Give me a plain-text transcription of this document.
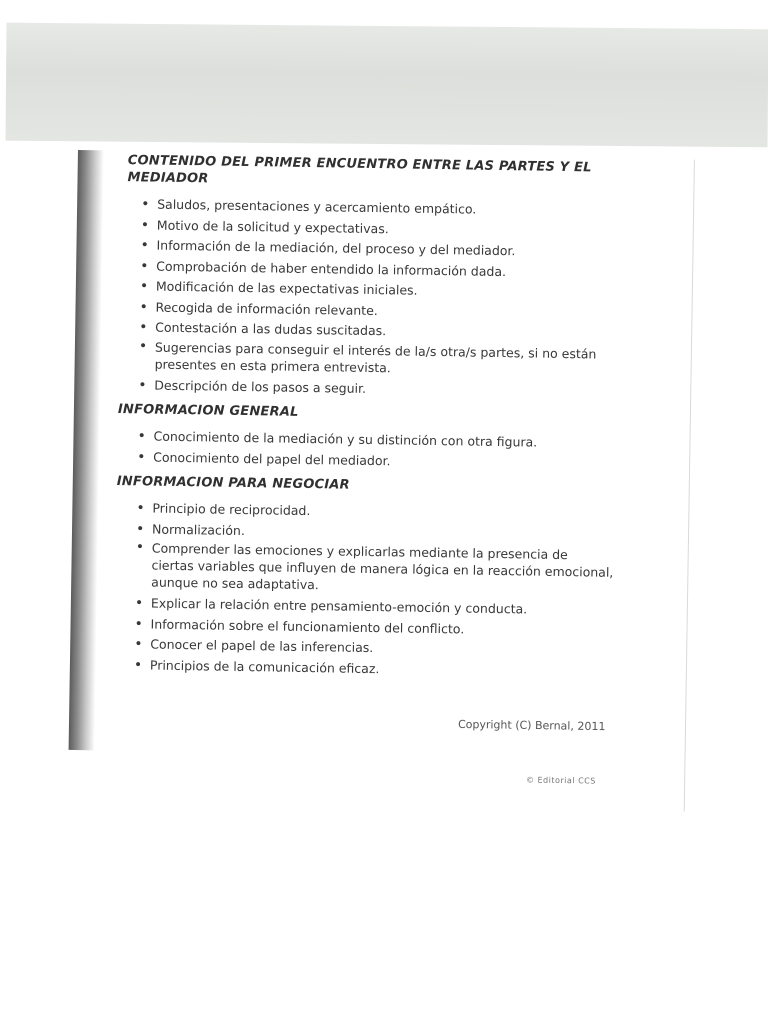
CONTENIDO DEL PRIMER ENCUENTRO ENTRE LAS PARTES Y EL MEDIADOR
• Saludos, presentaciones y acercamiento empático.
• Motivo de la solicitud y expectativas.
• Información de la mediación, del proceso y del mediador.
• Comprobación de haber entendido la información dada.
• Modificación de las expectativas iniciales.
• Recogida de información relevante.
• Contestación a las dudas suscitadas.
• Sugerencias para conseguir el interés de la/s otra/s partes, si no están presentes en esta primera entrevista.
• Descripción de los pasos a seguir.
INFORMACION GENERAL
• Conocimiento de la mediación y su distinción con otra figura.
• Conocimiento del papel del mediador.
INFORMACION PARA NEGOCIAR
• Principio de reciprocidad.
• Normalización.
• Comprender las emociones y explicarlas mediante la presencia de ciertas variables que influyen de manera lógica en la reacción emocional, aunque no sea adaptativa.
• Explicar la relación entre pensamiento-emoción y conducta.
• Información sobre el funcionamiento del conflicto.
• Conocer el papel de las inferencias.
• Principios de la comunicación eficaz.
Copyright (C) Bernal, 2011
© Editorial CCS
